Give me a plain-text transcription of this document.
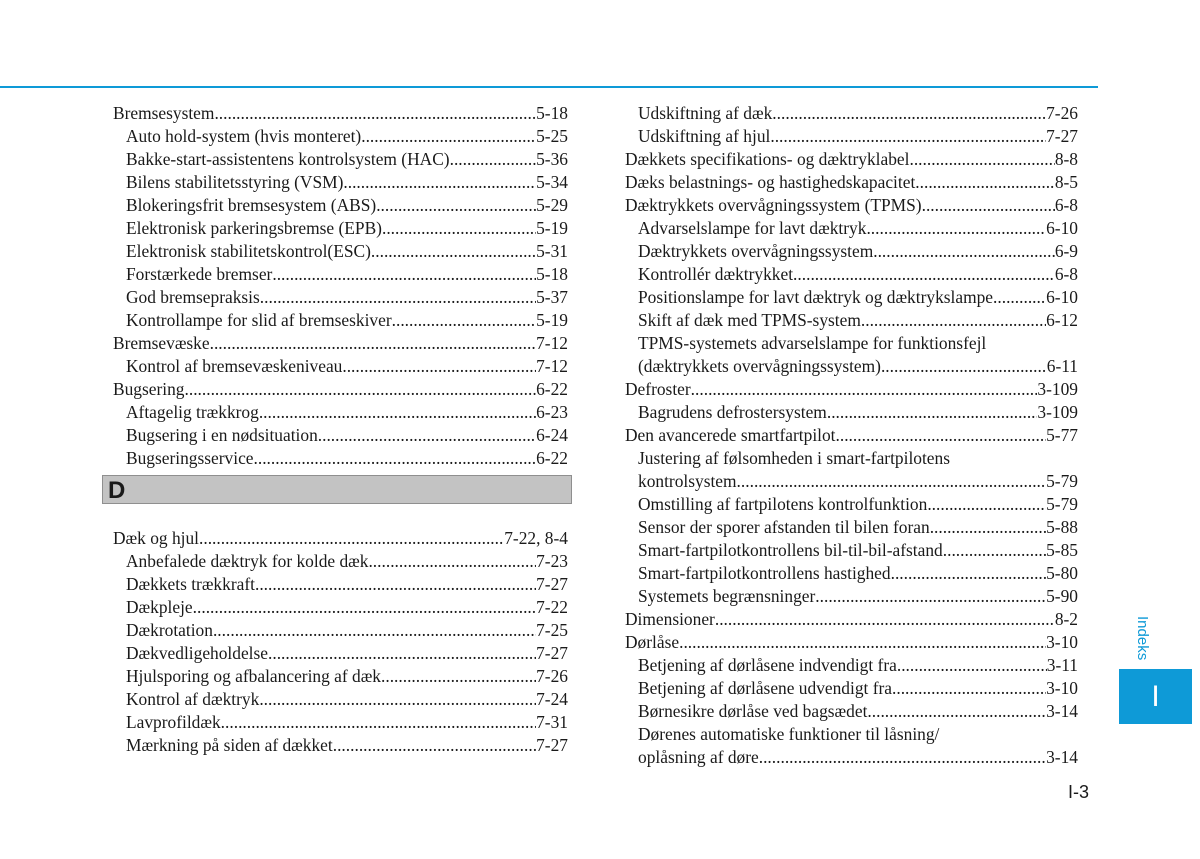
Bremsesystem .....	5-18
Auto hold-system (hvis monteret) .....	5-25
Bakke-start-assistentens kontrolsystem (HAC) .....	5-36
Bilens stabilitetsstyring (VSM) .....	5-34
Blokeringsfrit bremsesystem (ABS) .....	5-29
Elektronisk parkeringsbremse (EPB) .....	5-19
Elektronisk stabilitetskontrol(ESC) .....	5-31
Forstærkede bremser .....	5-18
God bremsepraksis .....	5-37
Kontrollampe for slid af bremseskiver .....	5-19
Bremsevæske .....	7-12
Kontrol af bremsevæskeniveau .....	7-12
Bugsering .....	6-22
Aftagelig trækkrog .....	6-23
Bugsering i en nødsituation .....	6-24
Bugseringsservice .....	6-22
D
Dæk og hjul .....	7-22, 8-4
Anbefalede dæktryk for kolde dæk .....	7-23
Dækkets trækkraft .....	7-27
Dækpleje .....	7-22
Dækrotation .....	7-25
Dækvedligeholdelse .....	7-27
Hjulsporing og afbalancering af dæk .....	7-26
Kontrol af dæktryk .....	7-24
Lavprofildæk .....	7-31
Mærkning på siden af dækket .....	7-27
Udskiftning af dæk .....	7-26
Udskiftning af hjul .....	7-27
Dækkets specifikations- og dæktryklabel .....	8-8
Dæks belastnings- og hastighedskapacitet .....	8-5
Dæktrykkets overvågningssystem (TPMS) .....	6-8
Advarselslampe for lavt dæktryk .....	6-10
Dæktrykkets overvågningssystem .....	6-9
Kontrollér dæktrykket .....	6-8
Positionslampe for lavt dæktryk og dæktrykslampe .....	6-10
Skift af dæk med TPMS-system .....	6-12
TPMS-systemets advarselslampe for funktionsfejl
(dæktrykkets overvågningssystem) .....	6-11
Defroster .....	3-109
Bagrudens defrostersystem .....	3-109
Den avancerede smartfartpilot .....	5-77
Justering af følsomheden i smart-fartpilotens
kontrolsystem .....	5-79
Omstilling af fartpilotens kontrolfunktion .....	5-79
Sensor der sporer afstanden til bilen foran .....	5-88
Smart-fartpilotkontrollens bil-til-bil-afstand .....	5-85
Smart-fartpilotkontrollens hastighed .....	5-80
Systemets begrænsninger .....	5-90
Dimensioner .....	8-2
Dørlåse .....	3-10
Betjening af dørlåsene indvendigt fra .....	3-11
Betjening af dørlåsene udvendigt fra .....	3-10
Børnesikre dørlåse ved bagsædet .....	3-14
Dørenes automatiske funktioner til låsning/
oplåsning af døre .....	3-14
Indeks
I
I-3
